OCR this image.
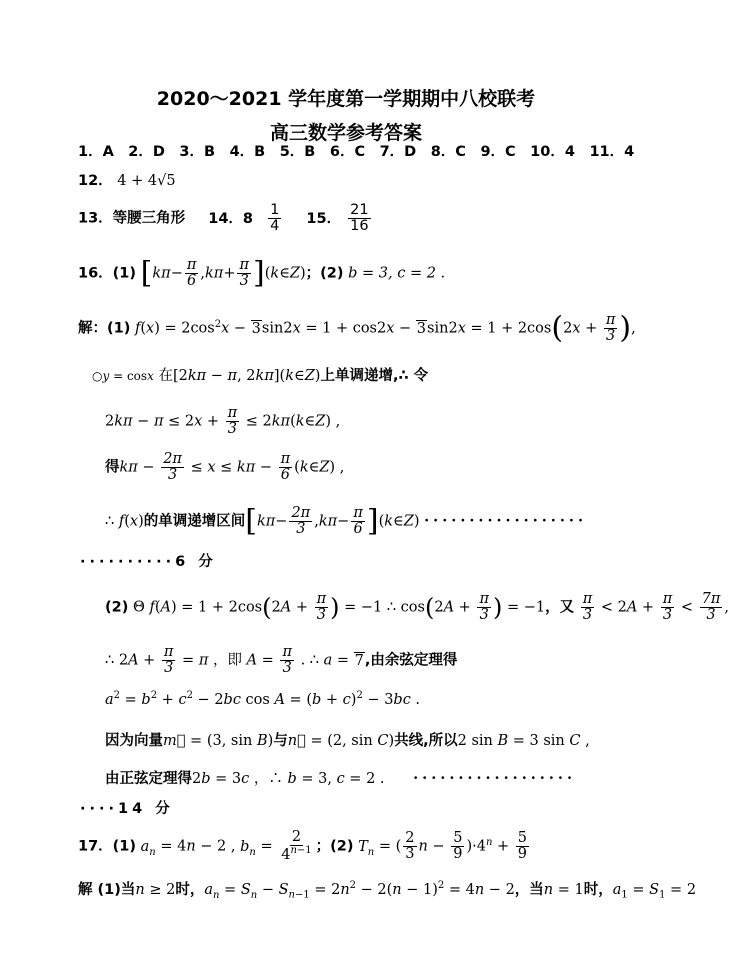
2020～2021 学年度第一学期期中八校联考
高三数学参考答案
1．A　2．D　3．B　4．B　5．B　6．C　7．D　8．C　9．C　10．4　11．4
12． 4 + 4√5
13．等腰三角形 14．$8 \frac{1}{4} 15$． $\frac{21}{16}$
16．(1) [$k\pi- \frac{\pi}{6} ,k\pi+ \frac{\pi}{3}$ ](k∈Z)；(2) b = 3, c = 2 .
解：(1) $f(x) = 2\cos^2x - 3\sin 2x = 1 + \cos 2x - 3\sin 2x = 1 + 2\cos(2x + \frac{\pi}{3}$ ),
○y = cosx 在[2kπ − π, 2kπ](k∈Z)上单调递增,∴ 令
$2k\pi - \pi \le 2x + \frac{\pi}{3}$ ≤ 2kπ(k∈Z) ,
得$k\pi - \frac{2\pi}{3} \le x \le k\pi - \frac{\pi}{6}$ (k∈Z) ,
∴ f(x)的单调递增区间[$k\pi- \frac{2\pi}{3} ,k\pi- \frac{\pi}{6}$ ](k∈Z) ··················
··········6 分
(2) Θ $f(A) = 1 + 2\cos(2A + \frac{\pi}{3}$ ) = −1 ∴ $\cos(2A + \frac{\pi}{3}$ ) = −1，又 $\frac{\pi}{3} < 2A + \frac{\pi}{3} < \frac{7\pi}{3}$ ,
∴ $2A + \frac{\pi}{3} = \pi$ ，即 $A = \frac{\pi}{3}$ . ∴ a = 7,由余弦定理得
$a^2 = b^2 + c^2 - 2bc$ $\cos A = (b + c)^2 - 3bc$ .
因为向量m⃗ = (3, sin B)与n⃗ = (2, sin C)共线,所以2 sin B = 3 sin C ,
由正弦定理得2b = 3c ，∴ b = 3, c = 2 . ··················
····14 分
17．(1) $a_n = 4n - 2$ , $b_n = \frac{2}{4^{n-1}}$ ；(2) $T_n$ = ( $\frac{2}{3}$ $n - \frac{5}{9} )\cdot 4^n + \frac{5}{9}$
解 (1)当n ≥ 2时，$a_n = S_n - S_{n-1} = 2n^2 - 2(n - 1)^2 = 4n - 2$，当n = 1时，$a_1 = S_1 = 2$
